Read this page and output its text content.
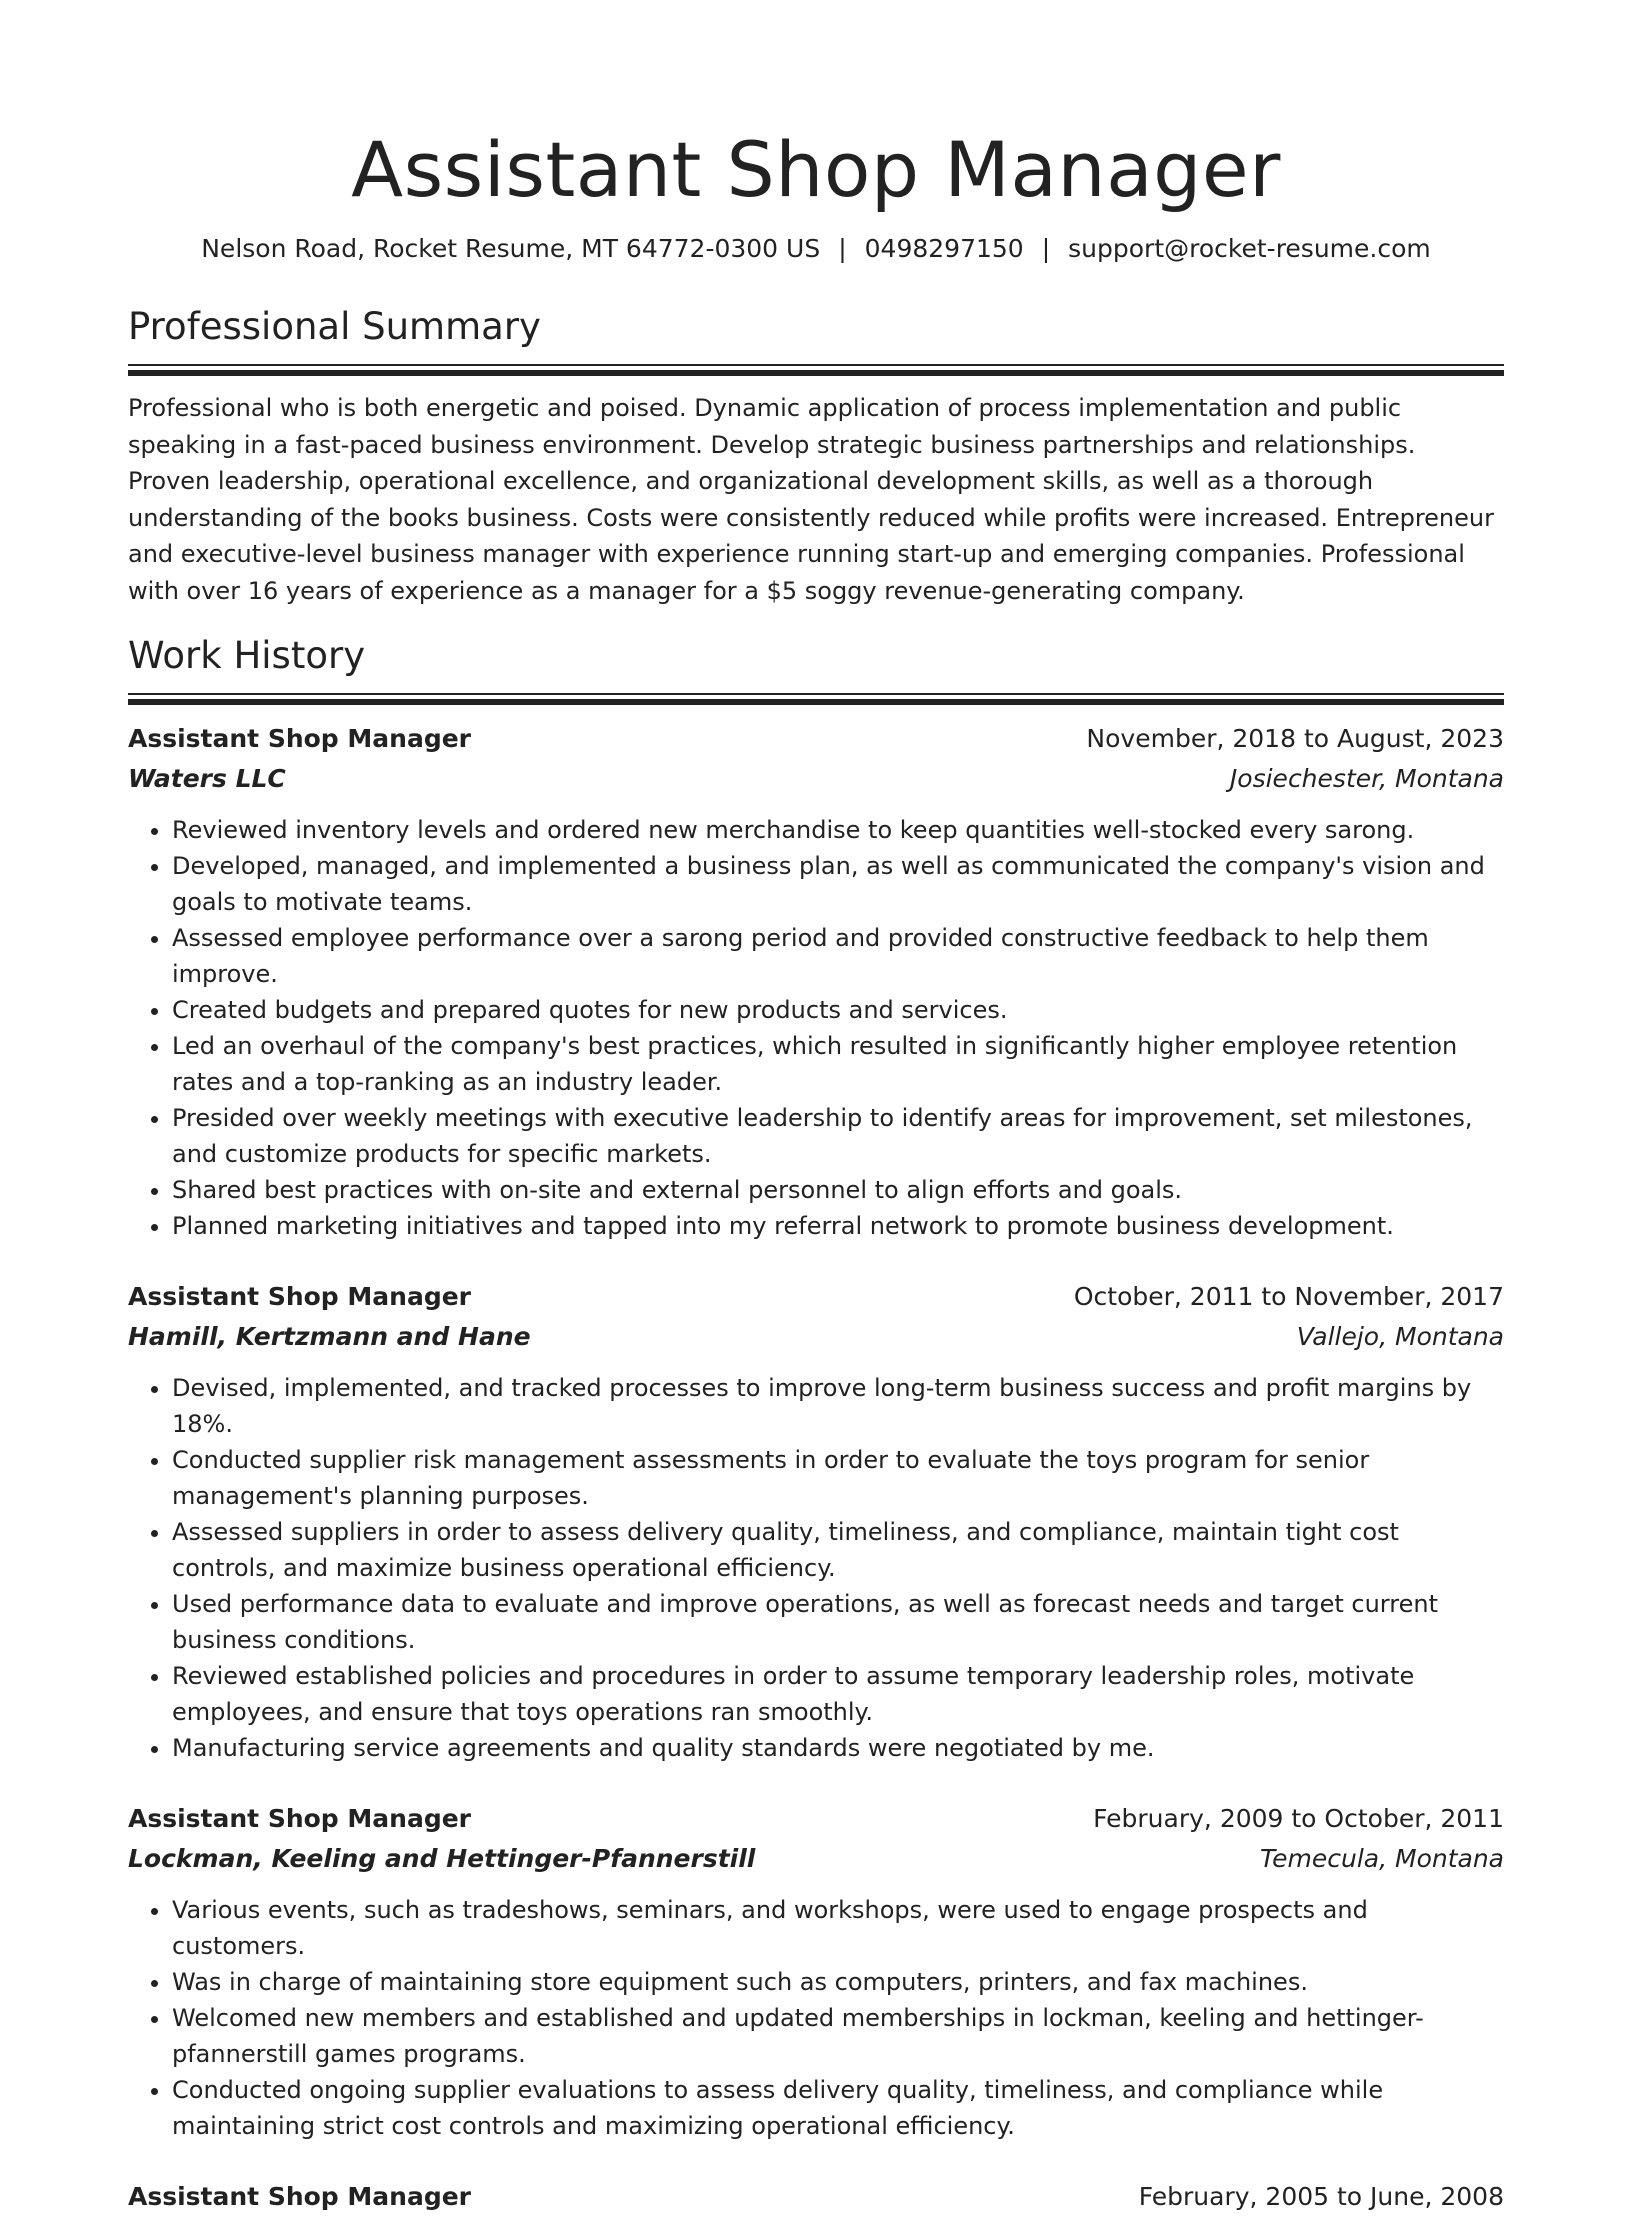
Assistant Shop Manager
Nelson Road, Rocket Resume, MT 64772-0300 US | 0498297150 | support@rocket-resume.com
Professional Summary

Professional who is both energetic and poised. Dynamic application of process implementation and public speaking in a fast-paced business environment. Develop strategic business partnerships and relationships. Proven leadership, operational excellence, and organizational development skills, as well as a thorough understanding of the books business. Costs were consistently reduced while profits were increased. Entrepreneur and executive-level business manager with experience running start-up and emerging companies. Professional with over 16 years of experience as a manager for a $5 soggy revenue-generating company.

Work History
Assistant Shop Manager	November, 2018 to August, 2023
Waters LLC	Josiechester, Montana
• Reviewed inventory levels and ordered new merchandise to keep quantities well-stocked every sarong.
• Developed, managed, and implemented a business plan, as well as communicated the company's vision and goals to motivate teams.
• Assessed employee performance over a sarong period and provided constructive feedback to help them improve.
• Created budgets and prepared quotes for new products and services.
• Led an overhaul of the company's best practices, which resulted in significantly higher employee retention rates and a top-ranking as an industry leader.
• Presided over weekly meetings with executive leadership to identify areas for improvement, set milestones, and customize products for specific markets.
• Shared best practices with on-site and external personnel to align efforts and goals.
• Planned marketing initiatives and tapped into my referral network to promote business development.
Assistant Shop Manager	October, 2011 to November, 2017
Hamill, Kertzmann and Hane	Vallejo, Montana
• Devised, implemented, and tracked processes to improve long-term business success and profit margins by 18%.
• Conducted supplier risk management assessments in order to evaluate the toys program for senior management's planning purposes.
• Assessed suppliers in order to assess delivery quality, timeliness, and compliance, maintain tight cost controls, and maximize business operational efficiency.
• Used performance data to evaluate and improve operations, as well as forecast needs and target current business conditions.
• Reviewed established policies and procedures in order to assume temporary leadership roles, motivate employees, and ensure that toys operations ran smoothly.
• Manufacturing service agreements and quality standards were negotiated by me.
Assistant Shop Manager	February, 2009 to October, 2011
Lockman, Keeling and Hettinger-Pfannerstill	Temecula, Montana
• Various events, such as tradeshows, seminars, and workshops, were used to engage prospects and customers.
• Was in charge of maintaining store equipment such as computers, printers, and fax machines.
• Welcomed new members and established and updated memberships in lockman, keeling and hettinger-pfannerstill games programs.
• Conducted ongoing supplier evaluations to assess delivery quality, timeliness, and compliance while maintaining strict cost controls and maximizing operational efficiency.
Assistant Shop Manager	February, 2005 to June, 2008
